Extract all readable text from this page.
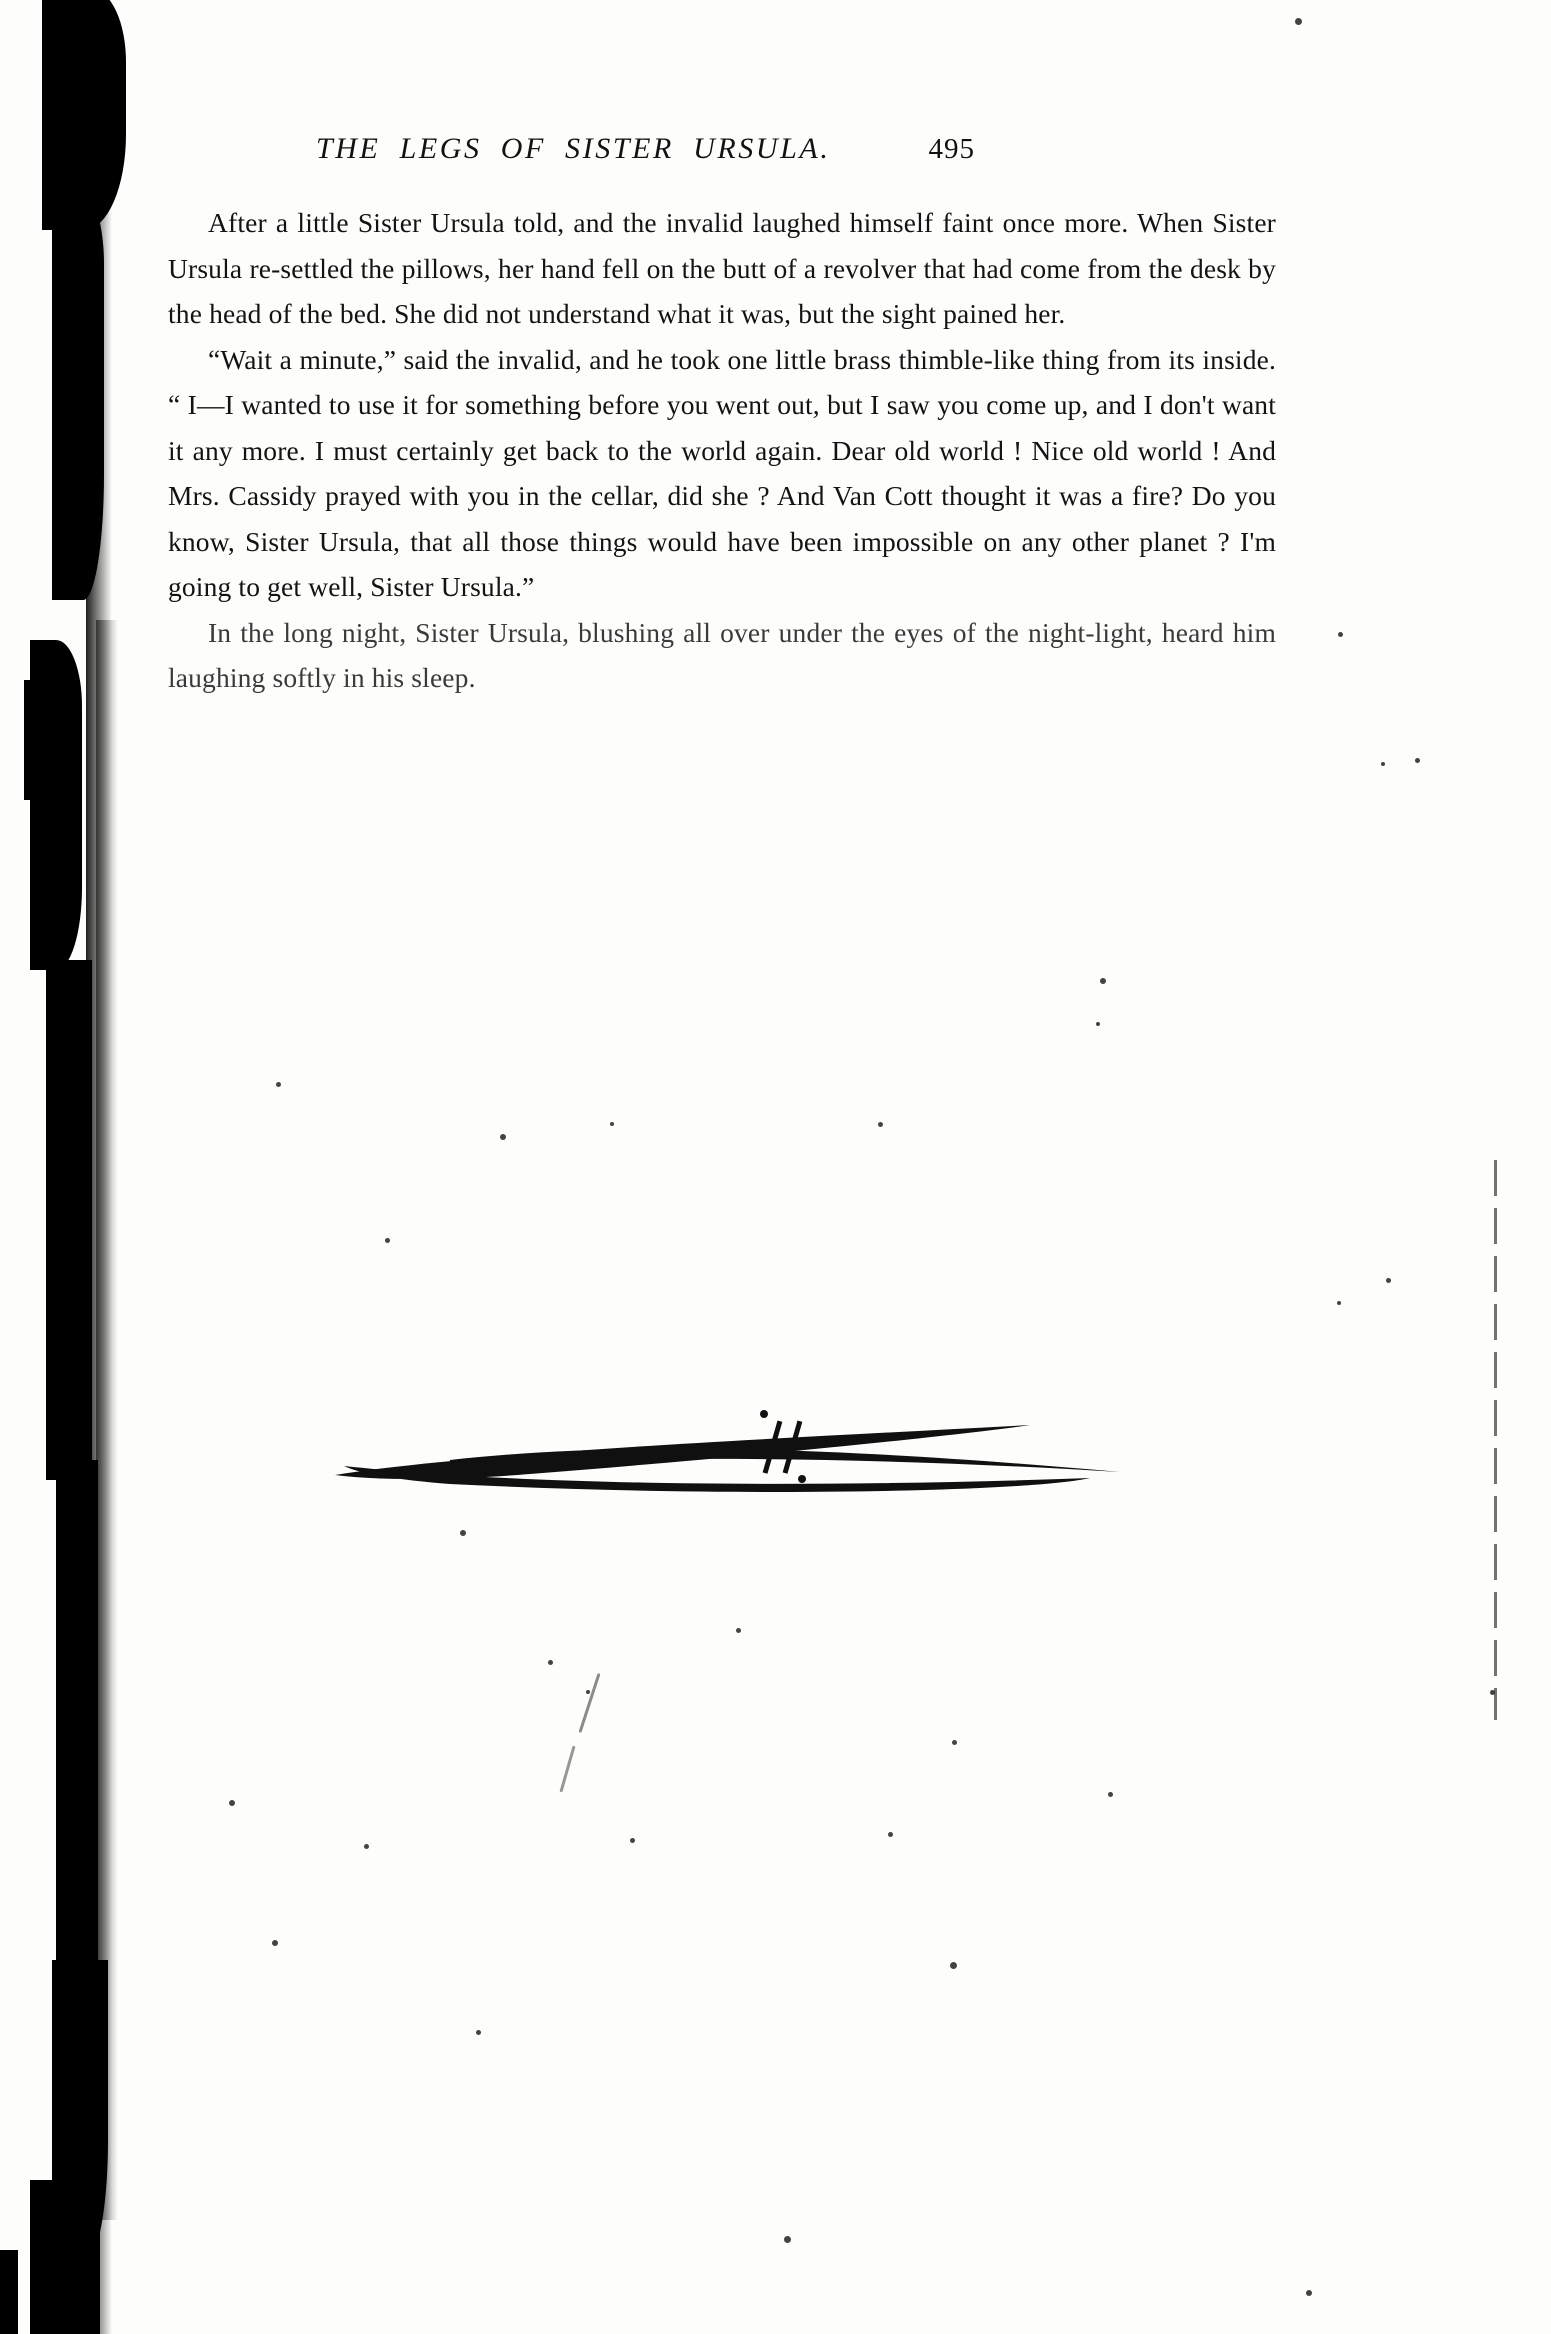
THE LEGS OF SISTER URSULA.	495

After a little Sister Ursula told, and the invalid laughed himself faint once more. When Sister Ursula re-settled the pillows, her hand fell on the butt of a revolver that had come from the desk by the head of the bed. She did not understand what it was, but the sight pained her.

“Wait a minute,” said the invalid, and he took one little brass thimble-like thing from its inside. “ I—I wanted to use it for something before you went out, but I saw you come up, and I don't want it any more. I must certainly get back to the world again. Dear old world ! Nice old world ! And Mrs. Cassidy prayed with you in the cellar, did she ? And Van Cott thought it was a fire? Do you know, Sister Ursula, that all those things would have been impossible on any other planet ? I'm going to get well, Sister Ursula.”

In the long night, Sister Ursula, blushing all over under the eyes of the night-light, heard him laughing softly in his sleep.
